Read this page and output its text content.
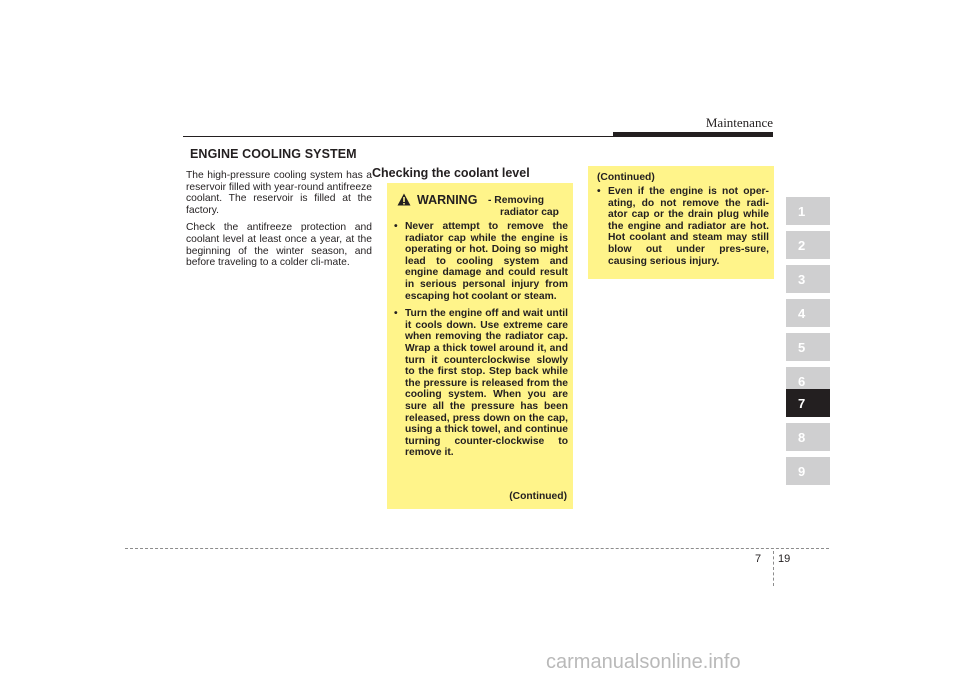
Maintenance
ENGINE COOLING SYSTEM

The high-pressure cooling system has a reservoir filled with year-round antifreeze coolant. The reservoir is filled at the factory.

Check the antifreeze protection and coolant level at least once a year, at the beginning of the winter season, and before traveling to a colder cli-mate.

Checking the coolant level
WARNING - Removing
radiator cap
• Never attempt to remove the radiator cap while the engine is operating or hot. Doing so might lead to cooling system and engine damage and could result in serious personal injury from escaping hot coolant or steam.
• Turn the engine off and wait until it cools down. Use extreme care when removing the radiator cap. Wrap a thick towel around it, and turn it counterclockwise slowly to the first stop. Step back while the pressure is released from the cooling system. When you are sure all the pressure has been released, press down on the cap, using a thick towel, and continue turning counter-clockwise to remove it.
(Continued)
(Continued)
• Even if the engine is not oper-ating, do not remove the radi-ator cap or the drain plug while the engine and radiator are hot. Hot coolant and steam may still blow out under pres-sure, causing serious injury.
1
2
3
4
5
6
7
8
9
7 19
carmanualsonline.info
